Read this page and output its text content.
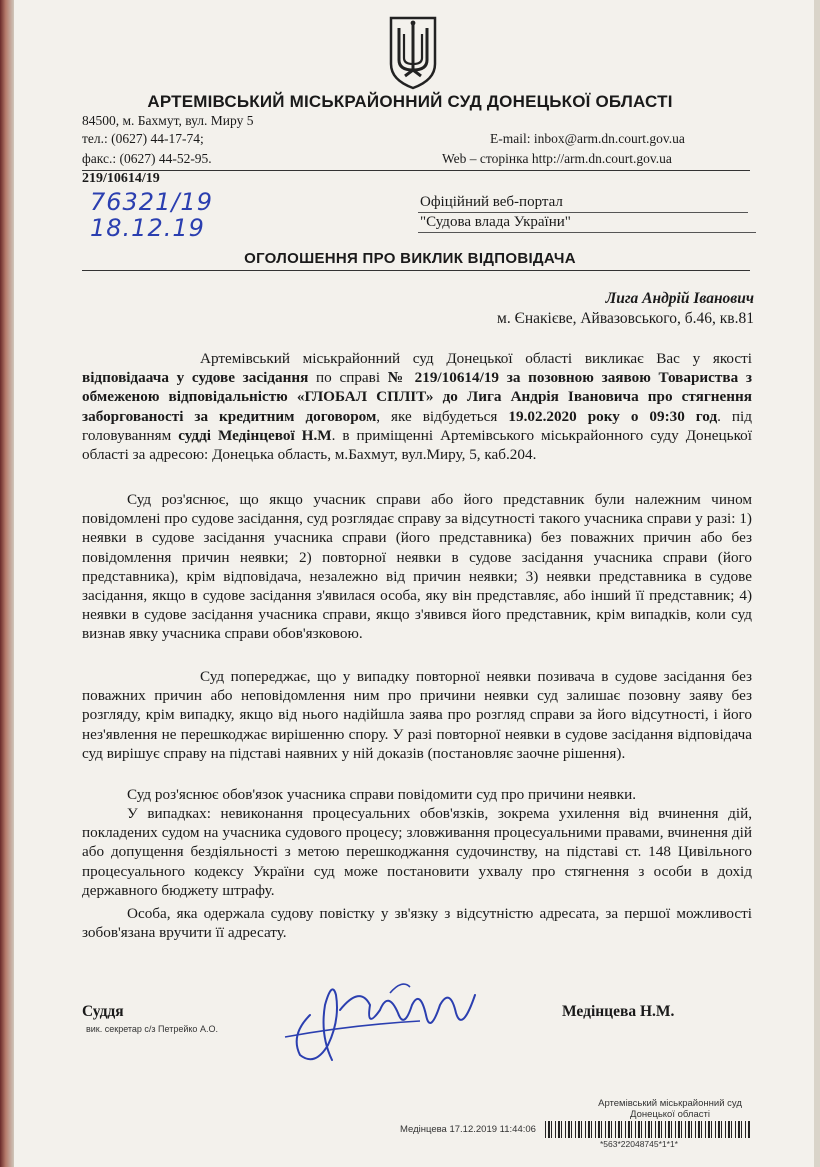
АРТЕМІВСЬКИЙ МІСЬКРАЙОННИЙ СУД ДОНЕЦЬКОЇ ОБЛАСТІ
84500, м. Бахмут, вул. Миру 5
тел.: (0627) 44-17-74;	E-mail: inbox@arm.dn.court.gov.ua
факс.: (0627) 44-52-95.	Web – сторінка http://arm.dn.court.gov.ua
219/10614/19
76321/19
18.12.19
Офіційний веб-портал
"Судова влада України"
ОГОЛОШЕННЯ ПРО ВИКЛИК ВІДПОВІДАЧА
Лига Андрій Іванович
м. Єнакієве, Айвазовського, б.46, кв.81

Артемівський міськрайонний суд Донецької області викликає Вас у якості відповідаача у судове засідання по справі № 219/10614/19 за позовною заявою Товариства з обмеженою відповідальністю «ГЛОБАЛ СПЛІТ» до Лига Андрія Івановича про стягнення заборгованості за кредитним договором, яке відбудеться 19.02.2020 року о 09:30 год. під головуванням судді Медінцевої Н.М. в приміщенні Артемівського міськрайонного суду Донецької області за адресою: Донецька область, м.Бахмут, вул.Миру, 5, каб.204.

Суд роз'яснює, що якщо учасник справи або його представник були належним чином повідомлені про судове засідання, суд розглядає справу за відсутності такого учасника справи у разі: 1) неявки в судове засідання учасника справи (його представника) без поважних причин або без повідомлення причин неявки; 2) повторної неявки в судове засідання учасника справи (його представника), крім відповідача, незалежно від причин неявки; 3) неявки представника в судове засідання, якщо в судове засідання з'явилася особа, яку він представляє, або інший її представник; 4) неявки в судове засідання учасника справи, якщо з'явився його представник, крім випадків, коли суд визнав явку учасника справи обов'язковою.

Суд попереджає, що у випадку повторної неявки позивача в судове засідання без поважних причин або неповідомлення ним про причини неявки суд залишає позовну заяву без розгляду, крім випадку, якщо від нього надійшла заява про розгляд справи за його відсутності, і його нез'явлення не перешкоджає вирішенню спору. У разі повторної неявки в судове засідання відповідача суд вирішує справу на підставі наявних у ній доказів (постановляє заочне рішення).

Суд роз'яснює обов'язок учасника справи повідомити суд про причини неявки.

У випадках: невиконання процесуальних обов'язків, зокрема ухилення від вчинення дій, покладених судом на учасника судового процесу; зловживання процесуальними правами, вчинення дій або допущення бездіяльності з метою перешкоджання судочинству, на підставі ст. 148 Цивільного процесуального кодексу України суд може постановити ухвалу про стягнення з особи в дохід державного бюджету штрафу.

Особа, яка одержала судову повістку у зв'язку з відсутністю адресата, за першої можливості зобов'язана вручити її адресату.

Суддя
вик. секретар с/з Петрейко А.О.
Медінцева Н.М.
Артемівський міськрайонний суд
Донецької області
Медінцева 17.12.2019 11:44:06
*563*22048745*1*1*
